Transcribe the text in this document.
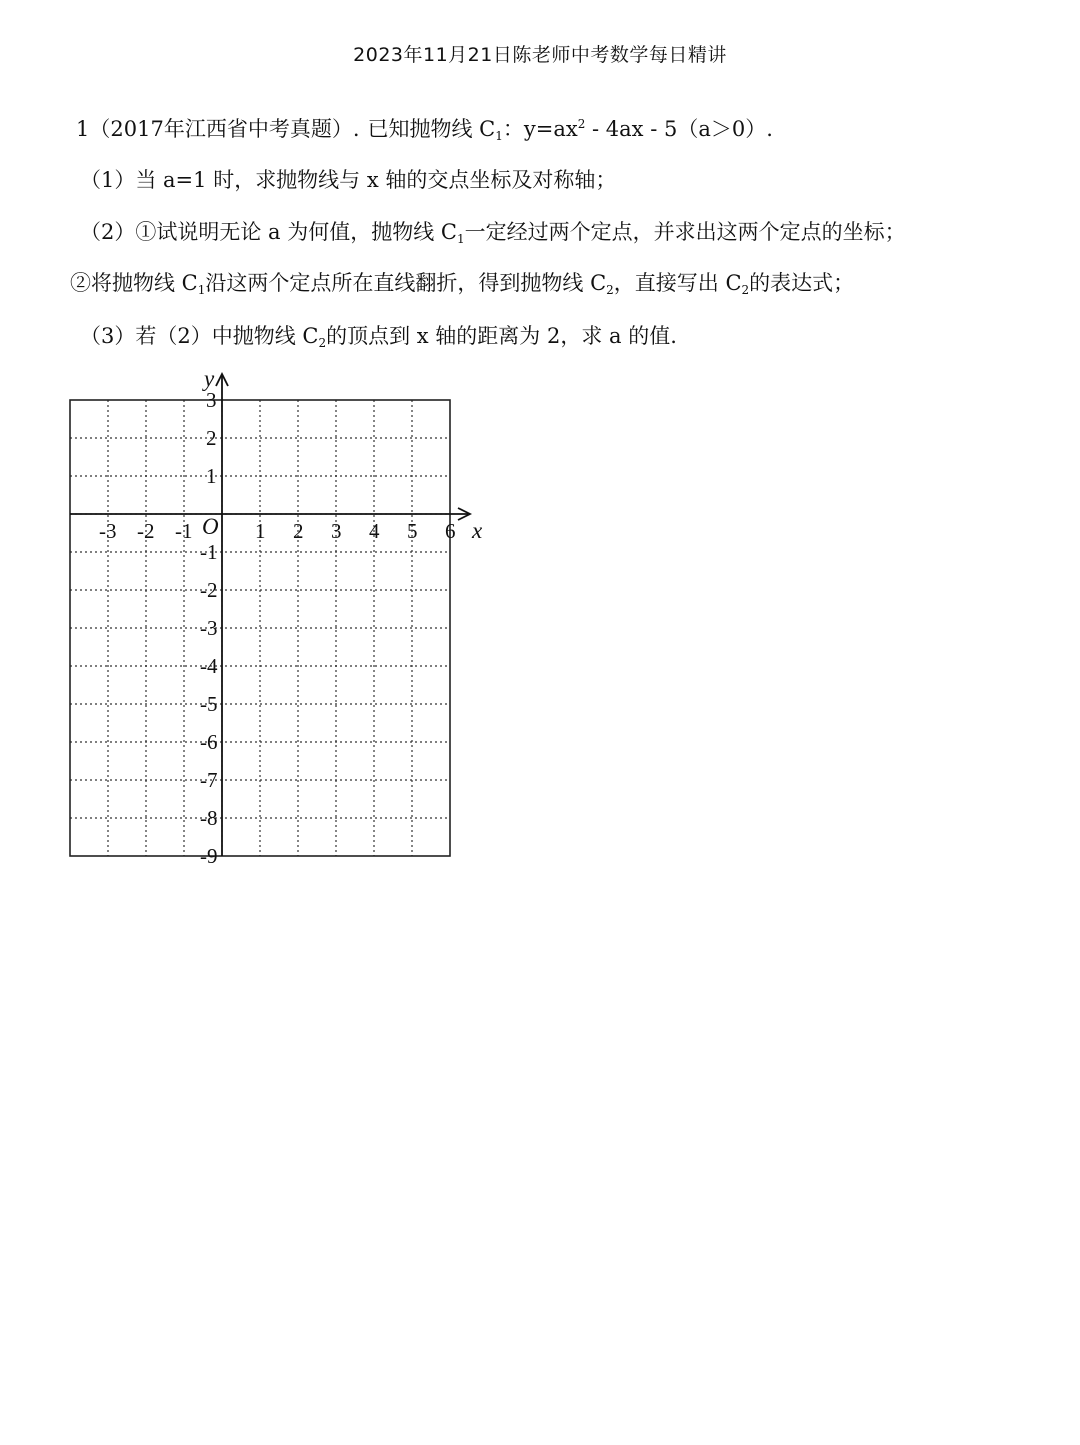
2023年11月21日陈老师中考数学每日精讲
1（2017年江西省中考真题）. 已知抛物线 $C_1$：$y=ax^2 - 4ax - 5(a>0)$.
（1）当 a=1 时，求抛物线与 x 轴的交点坐标及对称轴；
（2）①试说明无论 a 为何值，抛物线 $C_1$一定经过两个定点，并求出这两个定点的坐标；
②将抛物线 $C_1$沿这两个定点所在直线翻折，得到抛物线 $C_2$，直接写出 $C_2$的表达式；
（3）若（2）中抛物线 $C_2$的顶点到 x 轴的距离为 2，求 a 的值.
x
y
O
-3 -2 -1	1 2 3 4 5 6
3
2
1
-1
-2
-3
-4
-5
-6
-7
-8
-9
